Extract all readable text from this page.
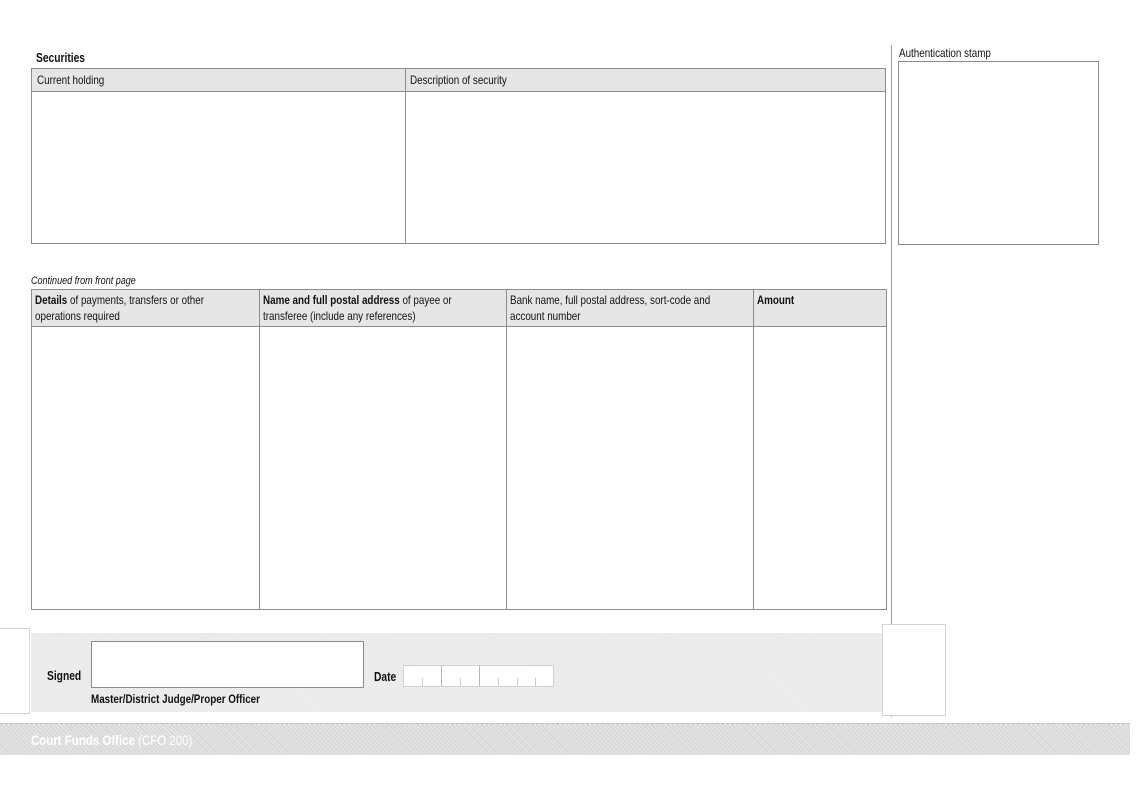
Securities
Current holding	Description of security
Authentication stamp
Continued from front page
Details of payments, transfers or other
operations required
Name and full postal address of payee or
transferee (include any references)
Bank name, full postal address, sort-code and
account number
Amount
Signed
Master/District Judge/Proper Officer
Date
Court Funds Office (CFO 200)
